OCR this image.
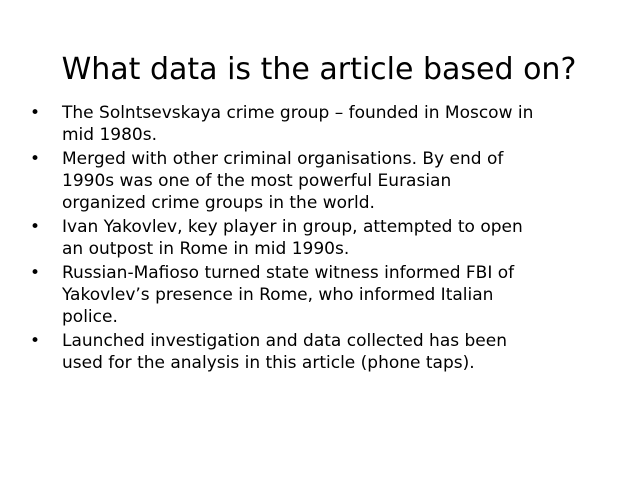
What data is the article based on?
•	The Solntsevskaya crime group – founded in Moscow in
mid 1980s.
•	Merged with other criminal organisations. By end of
1990s was one of the most powerful Eurasian
organized crime groups in the world.
•	Ivan Yakovlev, key player in group, attempted to open
an outpost in Rome in mid 1990s.
•	Russian-Mafioso turned state witness informed FBI of
Yakovlev’s presence in Rome, who informed Italian
police.
•	Launched investigation and data collected has been
used for the analysis in this article (phone taps).
